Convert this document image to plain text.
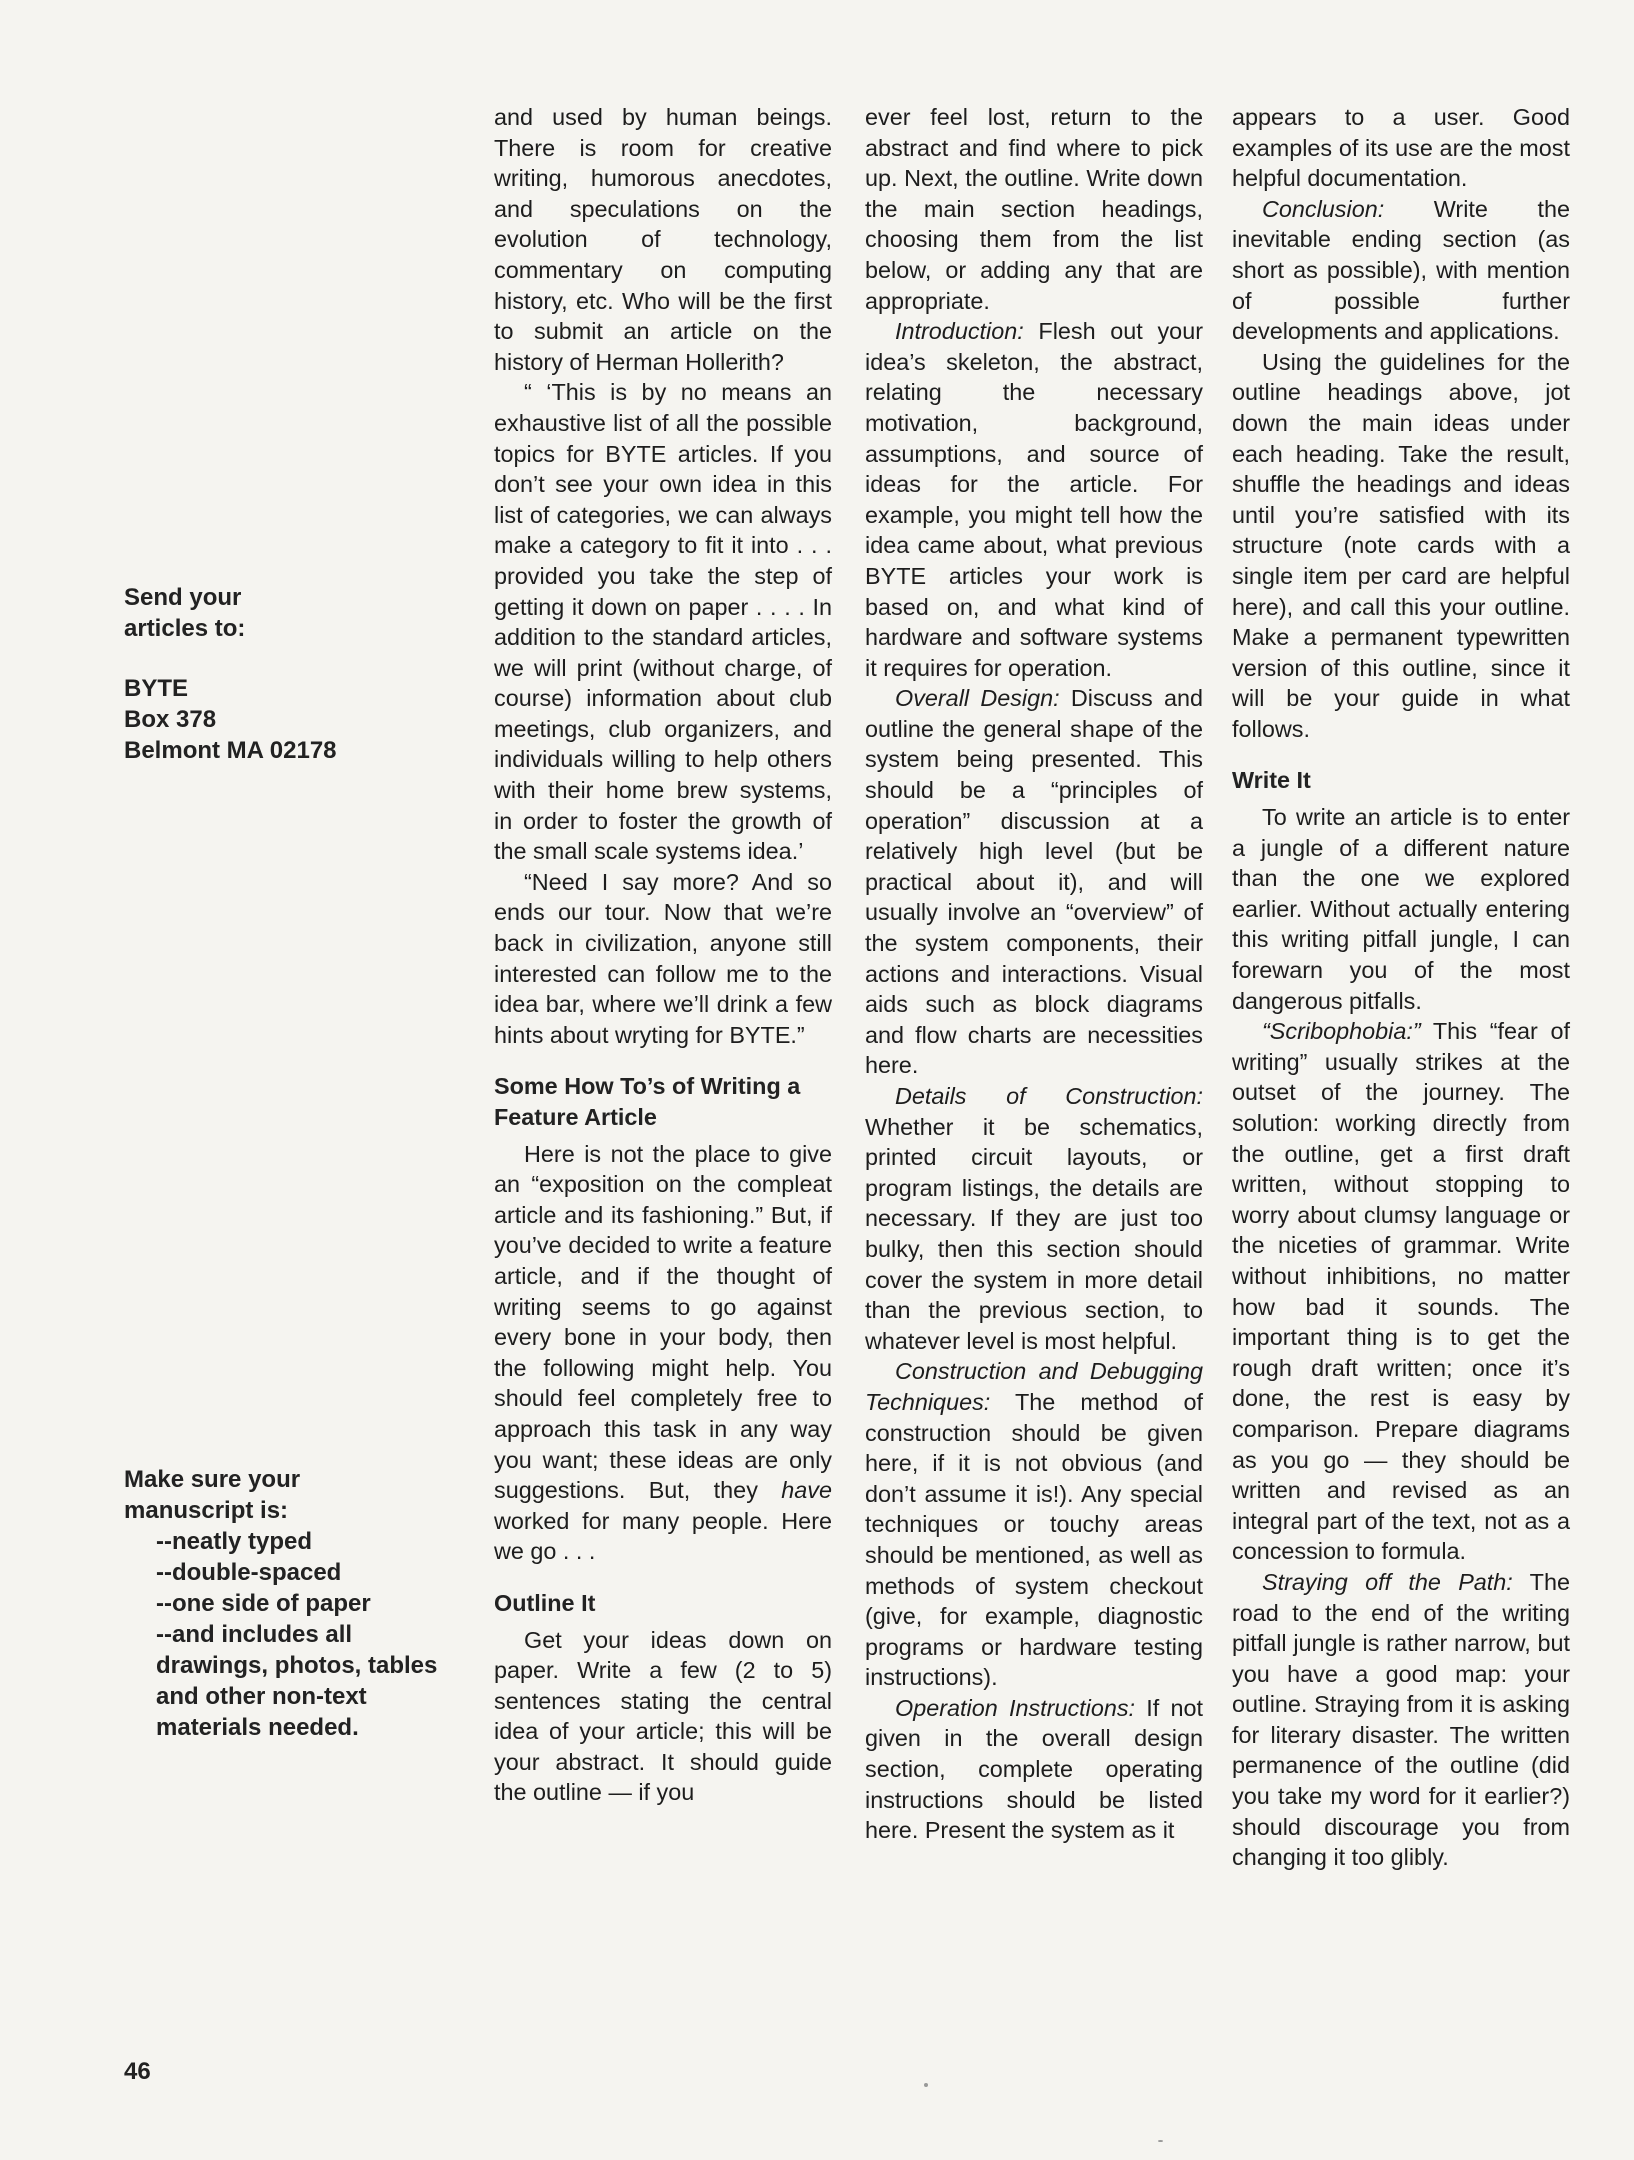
Send your

articles to:

BYTE

Box 378

Belmont MA 02178

Make sure your

manuscript is:

--neatly typed
--double-spaced
--one side of paper
--and includes all
drawings, photos, tables
and other non-text
materials needed.

and used by human beings. There is room for creative writing, humorous anecdotes, and speculations on the evolution of technology, commentary on computing history, etc. Who will be the first to submit an article on the history of Herman Hollerith?

“ ‘This is by no means an exhaustive list of all the possible topics for BYTE articles. If you don’t see your own idea in this list of categories, we can always make a category to fit it into . . . provided you take the step of getting it down on paper . . . . In addition to the standard articles, we will print (without charge, of course) information about club meetings, club organizers, and individuals willing to help others with their home brew systems, in order to foster the growth of the small scale systems idea.’

“Need I say more? And so ends our tour. Now that we’re back in civilization, anyone still interested can follow me to the idea bar, where we’ll drink a few hints about wryting for BYTE.”

Some How To’s of Writing a Feature Article

Here is not the place to give an “exposition on the compleat article and its fashioning.” But, if you’ve decided to write a feature article, and if the thought of writing seems to go against every bone in your body, then the following might help. You should feel completely free to approach this task in any way you want; these ideas are only suggestions. But, they have worked for many people. Here we go . . .

Outline It

Get your ideas down on paper. Write a few (2 to 5) sentences stating the central idea of your article; this will be your abstract. It should guide the outline — if you

ever feel lost, return to the abstract and find where to pick up. Next, the outline. Write down the main section headings, choosing them from the list below, or adding any that are appropriate.

Introduction: Flesh out your idea’s skeleton, the abstract, relating the necessary motivation, background, assumptions, and source of ideas for the article. For example, you might tell how the idea came about, what previous BYTE articles your work is based on, and what kind of hardware and software systems it requires for operation.

Overall Design: Discuss and outline the general shape of the system being presented. This should be a “principles of operation” discussion at a relatively high level (but be practical about it), and will usually involve an “overview” of the system components, their actions and interactions. Visual aids such as block diagrams and flow charts are necessities here.

Details of Construction: Whether it be schematics, printed circuit layouts, or program listings, the details are necessary. If they are just too bulky, then this section should cover the system in more detail than the previous section, to whatever level is most helpful.

Construction and Debugging Techniques: The method of construction should be given here, if it is not obvious (and don’t assume it is!). Any special techniques or touchy areas should be mentioned, as well as methods of system checkout (give, for example, diagnostic programs or hardware testing instructions).

Operation Instructions: If not given in the overall design section, complete operating instructions should be listed here. Present the system as it

appears to a user. Good examples of its use are the most helpful documentation.

Conclusion: Write the inevitable ending section (as short as possible), with mention of possible further developments and applications.

Using the guidelines for the outline headings above, jot down the main ideas under each heading. Take the result, shuffle the headings and ideas until you’re satisfied with its structure (note cards with a single item per card are helpful here), and call this your outline. Make a permanent typewritten version of this outline, since it will be your guide in what follows.

Write It

To write an article is to enter a jungle of a different nature than the one we explored earlier. Without actually entering this writing pitfall jungle, I can forewarn you of the most dangerous pitfalls.

“Scribophobia:” This “fear of writing” usually strikes at the outset of the journey. The solution: working directly from the outline, get a first draft written, without stopping to worry about clumsy language or the niceties of grammar. Write without inhibitions, no matter how bad it sounds. The important thing is to get the rough draft written; once it’s done, the rest is easy by comparison. Prepare diagrams as you go — they should be written and revised as an integral part of the text, not as a concession to formula.

Straying off the Path: The road to the end of the writing pitfall jungle is rather narrow, but you have a good map: your outline. Straying from it is asking for literary disaster. The written permanence of the outline (did you take my word for it earlier?) should discourage you from changing it too glibly.

46
